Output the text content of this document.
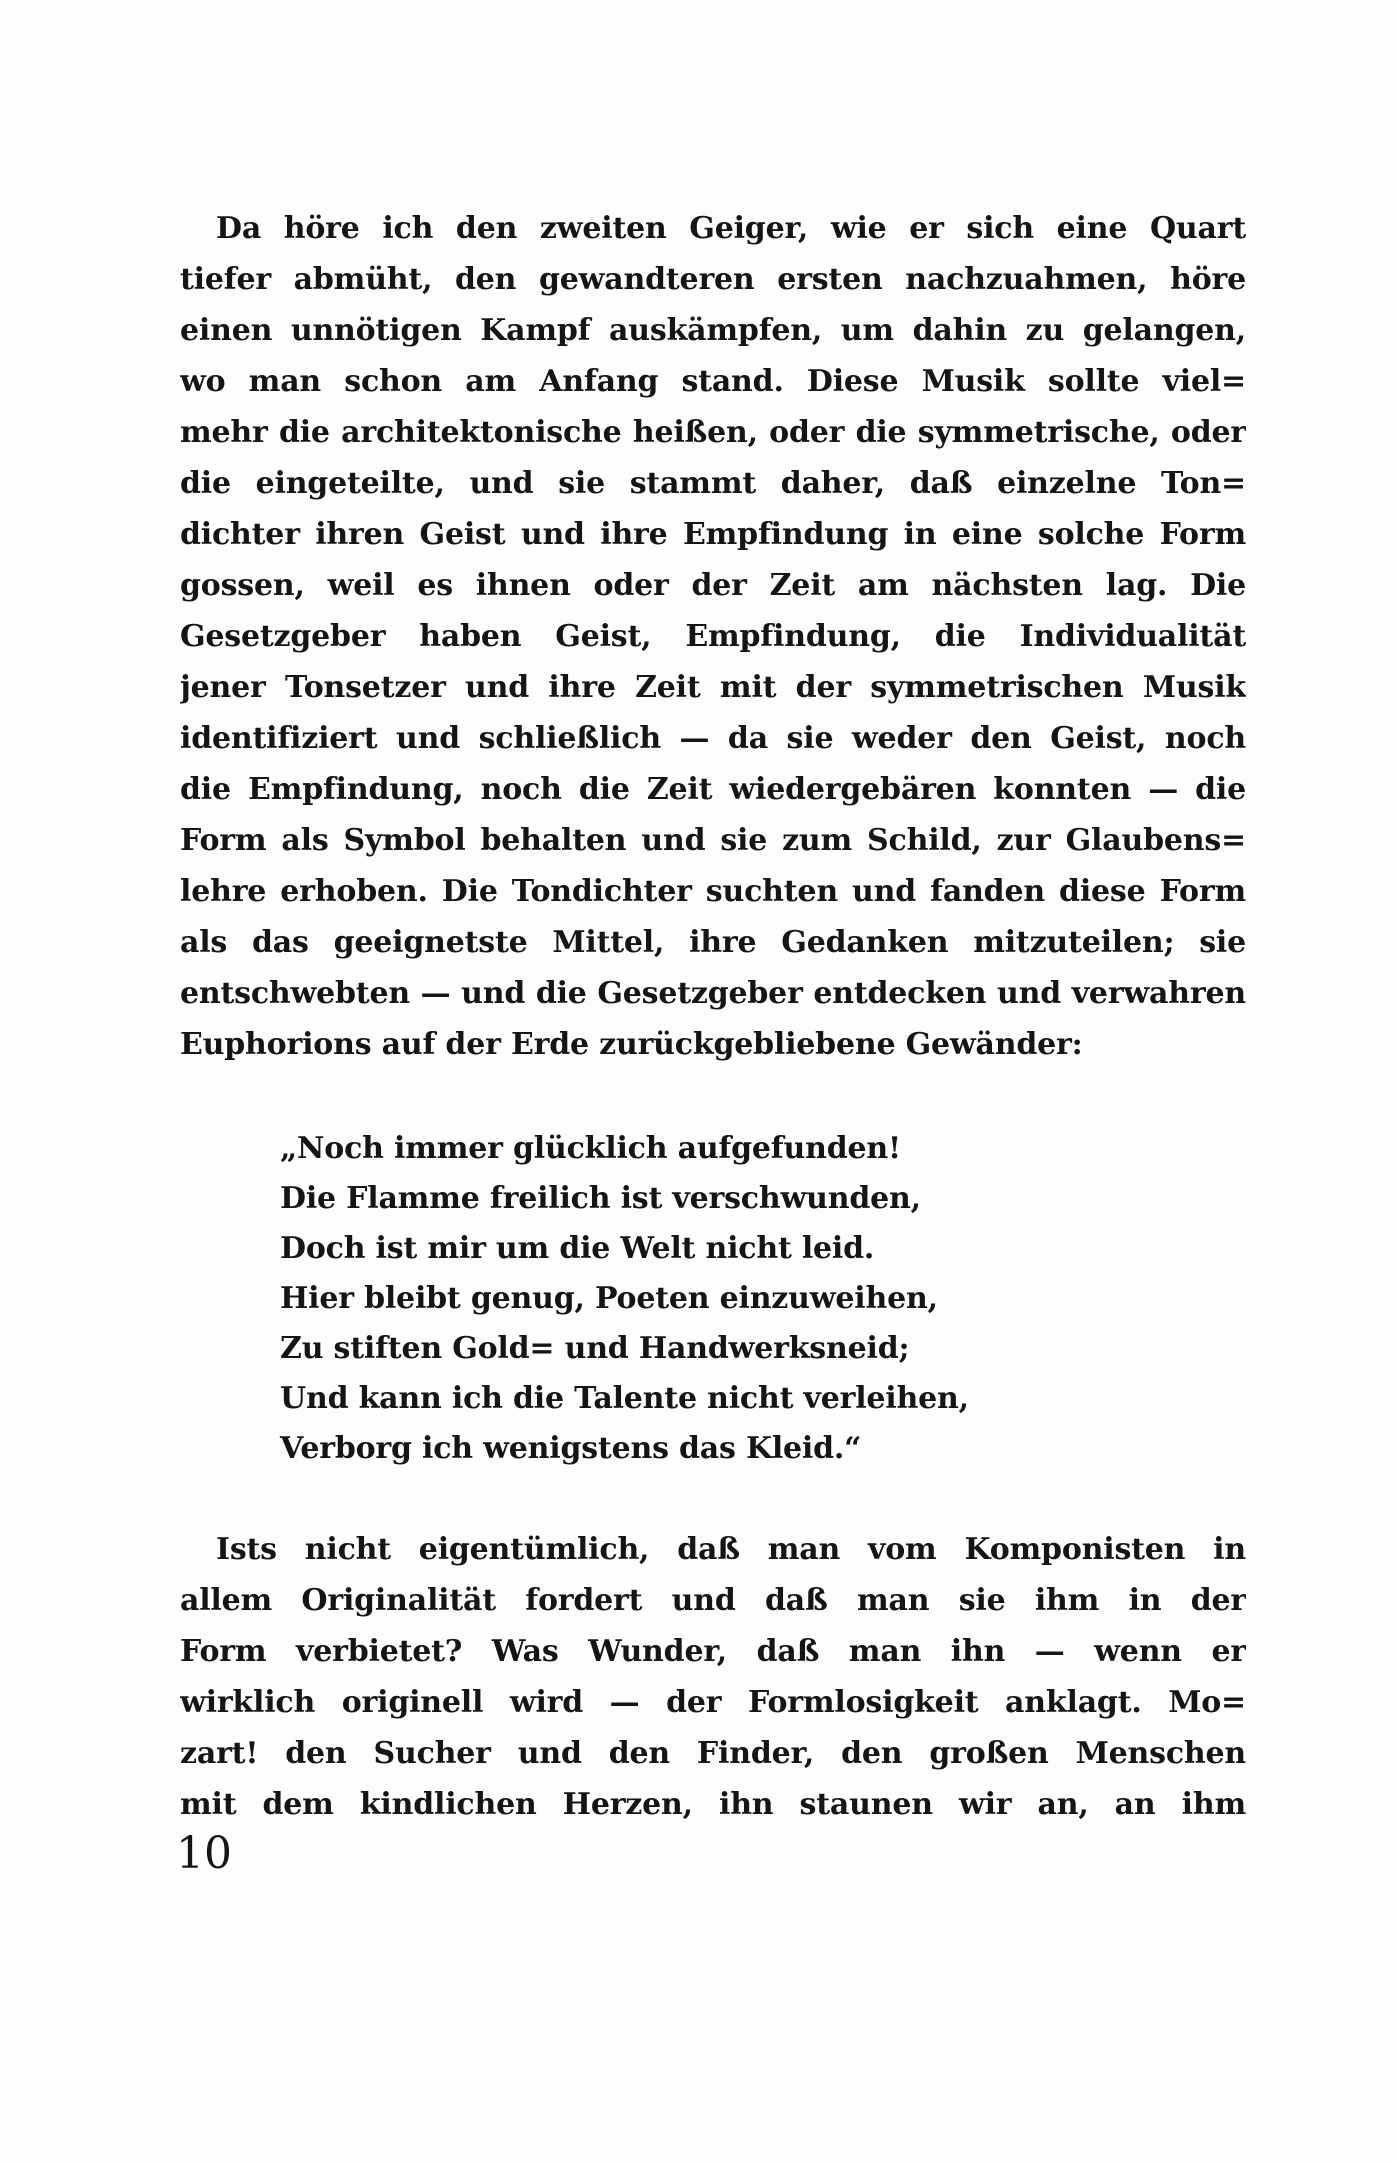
Da höre ich den zweiten Geiger, wie er sich eine Quart
tiefer abmüht, den gewandteren ersten nachzuahmen, höre
einen unnötigen Kampf auskämpfen, um dahin zu gelangen,
wo man schon am Anfang stand. Diese Musik sollte viel=
mehr die architektonische heißen, oder die symmetrische, oder
die eingeteilte, und sie stammt daher, daß einzelne Ton=
dichter ihren Geist und ihre Empfindung in eine solche Form
gossen, weil es ihnen oder der Zeit am nächsten lag. Die
Gesetzgeber haben Geist, Empfindung, die Individualität
jener Tonsetzer und ihre Zeit mit der symmetrischen Musik
identifiziert und schließlich — da sie weder den Geist, noch
die Empfindung, noch die Zeit wiedergebären konnten — die
Form als Symbol behalten und sie zum Schild, zur Glaubens=
lehre erhoben. Die Tondichter suchten und fanden diese Form
als das geeignetste Mittel, ihre Gedanken mitzuteilen; sie
entschwebten — und die Gesetzgeber entdecken und verwahren
Euphorions auf der Erde zurückgebliebene Gewänder:
„Noch immer glücklich aufgefunden!
Die Flamme freilich ist verschwunden,
Doch ist mir um die Welt nicht leid.
Hier bleibt genug, Poeten einzuweihen,
Zu stiften Gold= und Handwerksneid;
Und kann ich die Talente nicht verleihen,
Verborg ich wenigstens das Kleid.“
Ists nicht eigentümlich, daß man vom Komponisten in
allem Originalität fordert und daß man sie ihm in der
Form verbietet? Was Wunder, daß man ihn — wenn er
wirklich originell wird — der Formlosigkeit anklagt. Mo=
zart! den Sucher und den Finder, den großen Menschen
mit dem kindlichen Herzen, ihn staunen wir an, an ihm
10
